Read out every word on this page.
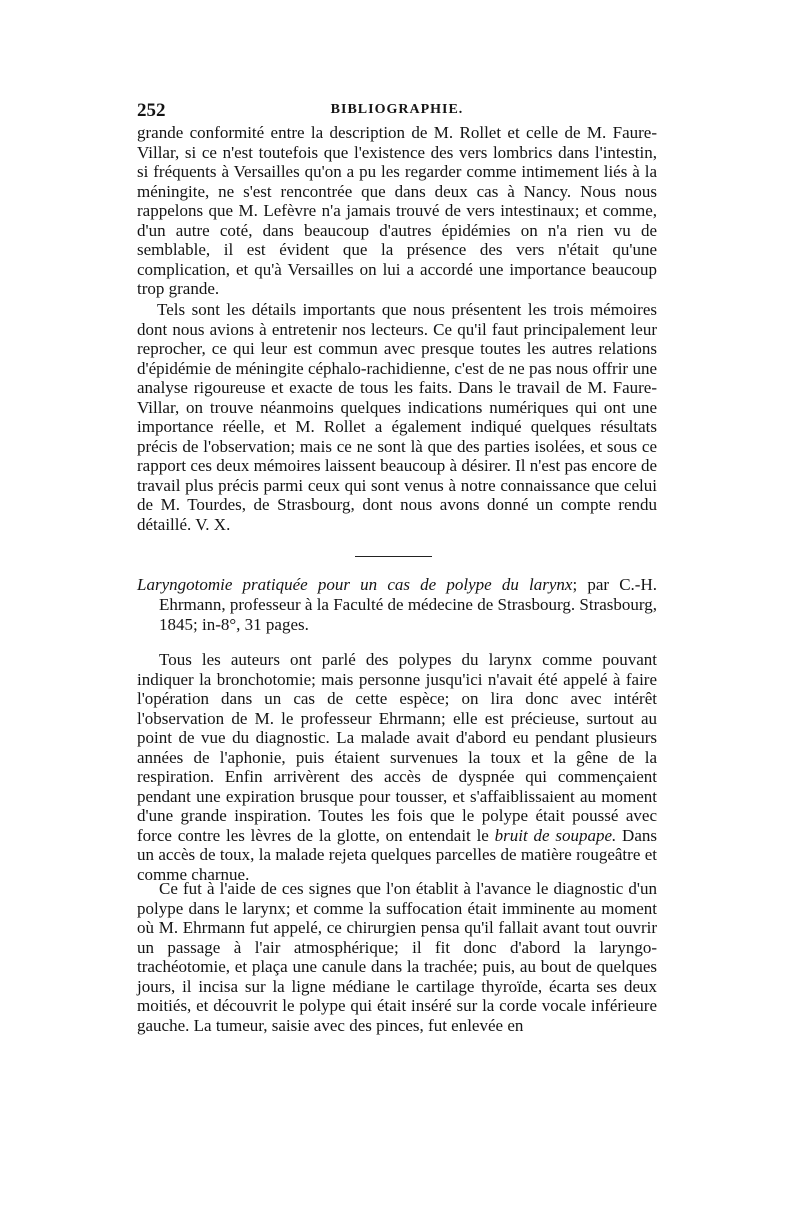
252	BIBLIOGRAPHIE.

grande conformité entre la description de M. Rollet et celle de M. Faure-Villar, si ce n'est toutefois que l'existence des vers lombrics dans l'intestin, si fréquents à Versailles qu'on a pu les regarder comme intimement liés à la méningite, ne s'est rencontrée que dans deux cas à Nancy. Nous nous rappelons que M. Lefèvre n'a jamais trouvé de vers intestinaux; et comme, d'un autre coté, dans beaucoup d'autres épidémies on n'a rien vu de semblable, il est évident que la présence des vers n'était qu'une complication, et qu'à Versailles on lui a accordé une importance beaucoup trop grande.

Tels sont les détails importants que nous présentent les trois mémoires dont nous avions à entretenir nos lecteurs. Ce qu'il faut principalement leur reprocher, ce qui leur est commun avec presque toutes les autres relations d'épidémie de méningite céphalo-rachidienne, c'est de ne pas nous offrir une analyse rigoureuse et exacte de tous les faits. Dans le travail de M. Faure-Villar, on trouve néanmoins quelques indications numériques qui ont une importance réelle, et M. Rollet a également indiqué quelques résultats précis de l'observation; mais ce ne sont là que des parties isolées, et sous ce rapport ces deux mémoires laissent beaucoup à désirer. Il n'est pas encore de travail plus précis parmi ceux qui sont venus à notre connaissance que celui de M. Tourdes, de Strasbourg, dont nous avons donné un compte rendu détaillé. V. X.

Laryngotomie pratiquée pour un cas de polype du larynx; par C.-H. Ehrmann, professeur à la Faculté de médecine de Strasbourg. Strasbourg, 1845; in-8°, 31 pages.

Tous les auteurs ont parlé des polypes du larynx comme pouvant indiquer la bronchotomie; mais personne jusqu'ici n'avait été appelé à faire l'opération dans un cas de cette espèce; on lira donc avec intérêt l'observation de M. le professeur Ehrmann; elle est précieuse, surtout au point de vue du diagnostic. La malade avait d'abord eu pendant plusieurs années de l'aphonie, puis étaient survenues la toux et la gêne de la respiration. Enfin arrivèrent des accès de dyspnée qui commençaient pendant une expiration brusque pour tousser, et s'affaiblissaient au moment d'une grande inspiration. Toutes les fois que le polype était poussé avec force contre les lèvres de la glotte, on entendait le bruit de soupape. Dans un accès de toux, la malade rejeta quelques parcelles de matière rougeâtre et comme charnue.

Ce fut à l'aide de ces signes que l'on établit à l'avance le diagnostic d'un polype dans le larynx; et comme la suffocation était imminente au moment où M. Ehrmann fut appelé, ce chirurgien pensa qu'il fallait avant tout ouvrir un passage à l'air atmosphérique; il fit donc d'abord la laryngo-trachéotomie, et plaça une canule dans la trachée; puis, au bout de quelques jours, il incisa sur la ligne médiane le cartilage thyroïde, écarta ses deux moitiés, et découvrit le polype qui était inséré sur la corde vocale inférieure gauche. La tumeur, saisie avec des pinces, fut enlevée en
